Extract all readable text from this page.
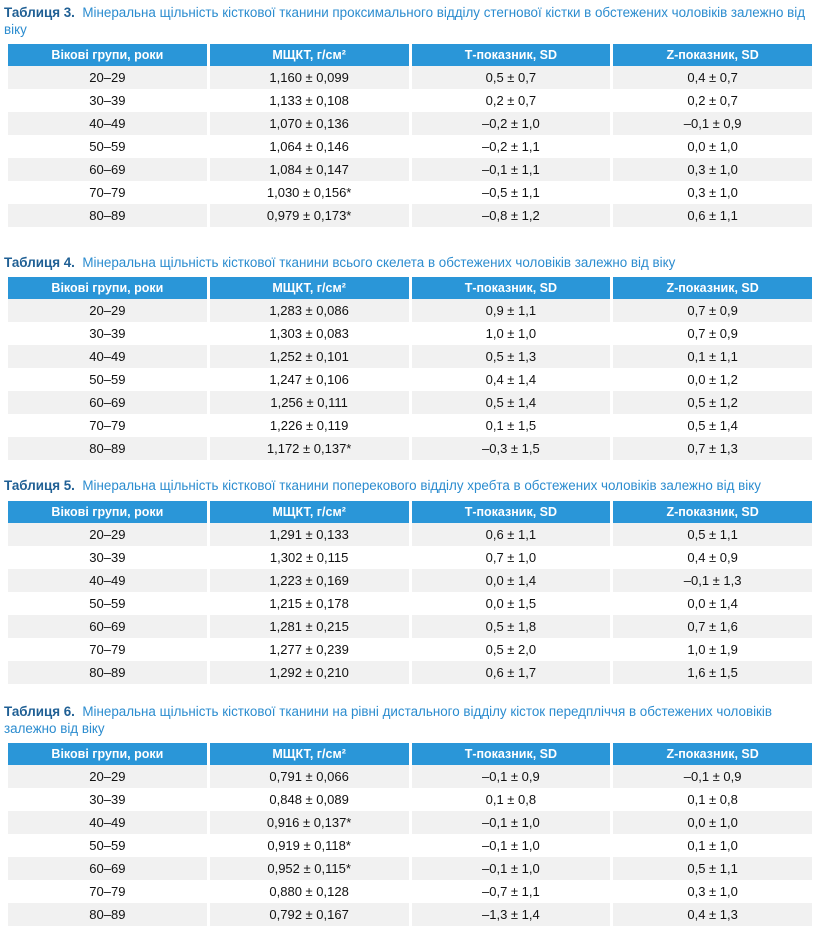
Таблиця 3. Мінеральна щільність кісткової тканини проксимального відділу стегнової кістки в обстежених чоловіків залежно від віку
Вікові групи, роки	МЩКТ, г/см²	Т-показник, SD	Z-показник, SD
20–29	1,160 ± 0,099	0,5 ± 0,7	0,4 ± 0,7
30–39	1,133 ± 0,108	0,2 ± 0,7	0,2 ± 0,7
40–49	1,070 ± 0,136	–0,2 ± 1,0	–0,1 ± 0,9
50–59	1,064 ± 0,146	–0,2 ± 1,1	0,0 ± 1,0
60–69	1,084 ± 0,147	–0,1 ± 1,1	0,3 ± 1,0
70–79	1,030 ± 0,156*	–0,5 ± 1,1	0,3 ± 1,0
80–89	0,979 ± 0,173*	–0,8 ± 1,2	0,6 ± 1,1
Таблиця 4. Мінеральна щільність кісткової тканини всього скелета в обстежених чоловіків залежно від віку
Вікові групи, роки	МЩКТ, г/см²	Т-показник, SD	Z-показник, SD
20–29	1,283 ± 0,086	0,9 ± 1,1	0,7 ± 0,9
30–39	1,303 ± 0,083	1,0 ± 1,0	0,7 ± 0,9
40–49	1,252 ± 0,101	0,5 ± 1,3	0,1 ± 1,1
50–59	1,247 ± 0,106	0,4 ± 1,4	0,0 ± 1,2
60–69	1,256 ± 0,111	0,5 ± 1,4	0,5 ± 1,2
70–79	1,226 ± 0,119	0,1 ± 1,5	0,5 ± 1,4
80–89	1,172 ± 0,137*	–0,3 ± 1,5	0,7 ± 1,3
Таблиця 5. Мінеральна щільність кісткової тканини поперекового відділу хребта в обстежених чоловіків залежно від віку
Вікові групи, роки	МЩКТ, г/см²	Т-показник, SD	Z-показник, SD
20–29	1,291 ± 0,133	0,6 ± 1,1	0,5 ± 1,1
30–39	1,302 ± 0,115	0,7 ± 1,0	0,4 ± 0,9
40–49	1,223 ± 0,169	0,0 ± 1,4	–0,1 ± 1,3
50–59	1,215 ± 0,178	0,0 ± 1,5	0,0 ± 1,4
60–69	1,281 ± 0,215	0,5 ± 1,8	0,7 ± 1,6
70–79	1,277 ± 0,239	0,5 ± 2,0	1,0 ± 1,9
80–89	1,292 ± 0,210	0,6 ± 1,7	1,6 ± 1,5
Таблиця 6. Мінеральна щільність кісткової тканини на рівні дистального відділу кісток передпліччя в обстежених чоловіків залежно від віку
Вікові групи, роки	МЩКТ, г/см²	Т-показник, SD	Z-показник, SD
20–29	0,791 ± 0,066	–0,1 ± 0,9	–0,1 ± 0,9
30–39	0,848 ± 0,089	0,1 ± 0,8	0,1 ± 0,8
40–49	0,916 ± 0,137*	–0,1 ± 1,0	0,0 ± 1,0
50–59	0,919 ± 0,118*	–0,1 ± 1,0	0,1 ± 1,0
60–69	0,952 ± 0,115*	–0,1 ± 1,0	0,5 ± 1,1
70–79	0,880 ± 0,128	–0,7 ± 1,1	0,3 ± 1,0
80–89	0,792 ± 0,167	–1,3 ± 1,4	0,4 ± 1,3
